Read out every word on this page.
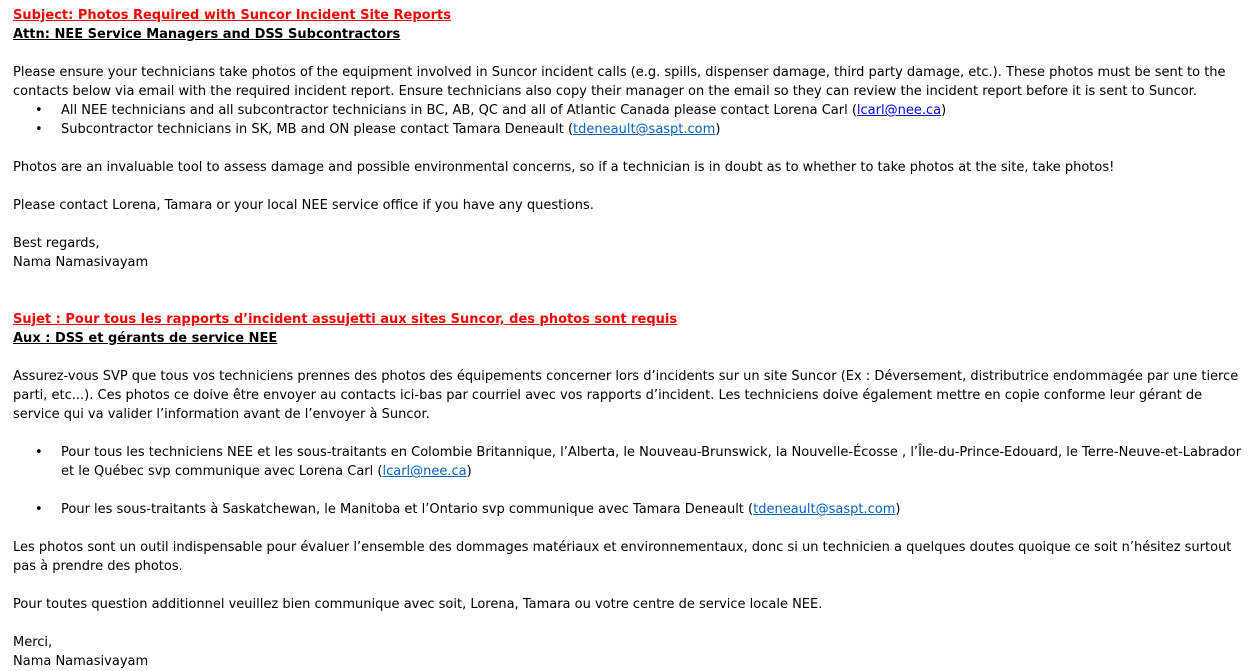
Subject: Photos Required with Suncor Incident Site Reports

Attn: NEE Service Managers and DSS Subcontractors

Please ensure your technicians take photos of the equipment involved in Suncor incident calls (e.g. spills, dispenser damage, third party damage, etc.). These photos must be sent to the contacts below via email with the required incident report. Ensure technicians also copy their manager on the email so they can review the incident report before it is sent to Suncor.

• All NEE technicians and all subcontractor technicians in BC, AB, QC and all of Atlantic Canada please contact Lorena Carl (lcarl@nee.ca)
• Subcontractor technicians in SK, MB and ON please contact Tamara Deneault (tdeneault@saspt.com)

Photos are an invaluable tool to assess damage and possible environmental concerns, so if a technician is in doubt as to whether to take photos at the site, take photos!

Please contact Lorena, Tamara or your local NEE service office if you have any questions.

Best regards,

Nama Namasivayam

Sujet : Pour tous les rapports d’incident assujetti aux sites Suncor, des photos sont requis

Aux : DSS et gérants de service NEE

Assurez-vous SVP que tous vos techniciens prennes des photos des équipements concerner lors d’incidents sur un site Suncor (Ex : Déversement, distributrice endommagée par une tierce parti, etc...). Ces photos ce doive être envoyer au contacts ici-bas par courriel avec vos rapports d’incident. Les techniciens doive également mettre en copie conforme leur gérant de service qui va valider l’information avant de l’envoyer à Suncor.

• Pour tous les techniciens NEE et les sous-traitants en Colombie Britannique, l’Alberta, le Nouveau-Brunswick, la Nouvelle-Écosse , l’Île-du-Prince-Edouard, le Terre-Neuve-et-Labrador et le Québec svp communique avec Lorena Carl (lcarl@nee.ca)
• Pour les sous-traitants à Saskatchewan, le Manitoba et l’Ontario svp communique avec Tamara Deneault (tdeneault@saspt.com)

Les photos sont un outil indispensable pour évaluer l’ensemble des dommages matériaux et environnementaux, donc si un technicien a quelques doutes quoique ce soit n’hésitez surtout pas à prendre des photos.

Pour toutes question additionnel veuillez bien communique avec soit, Lorena, Tamara ou votre centre de service locale NEE.

Merci,

Nama Namasivayam
